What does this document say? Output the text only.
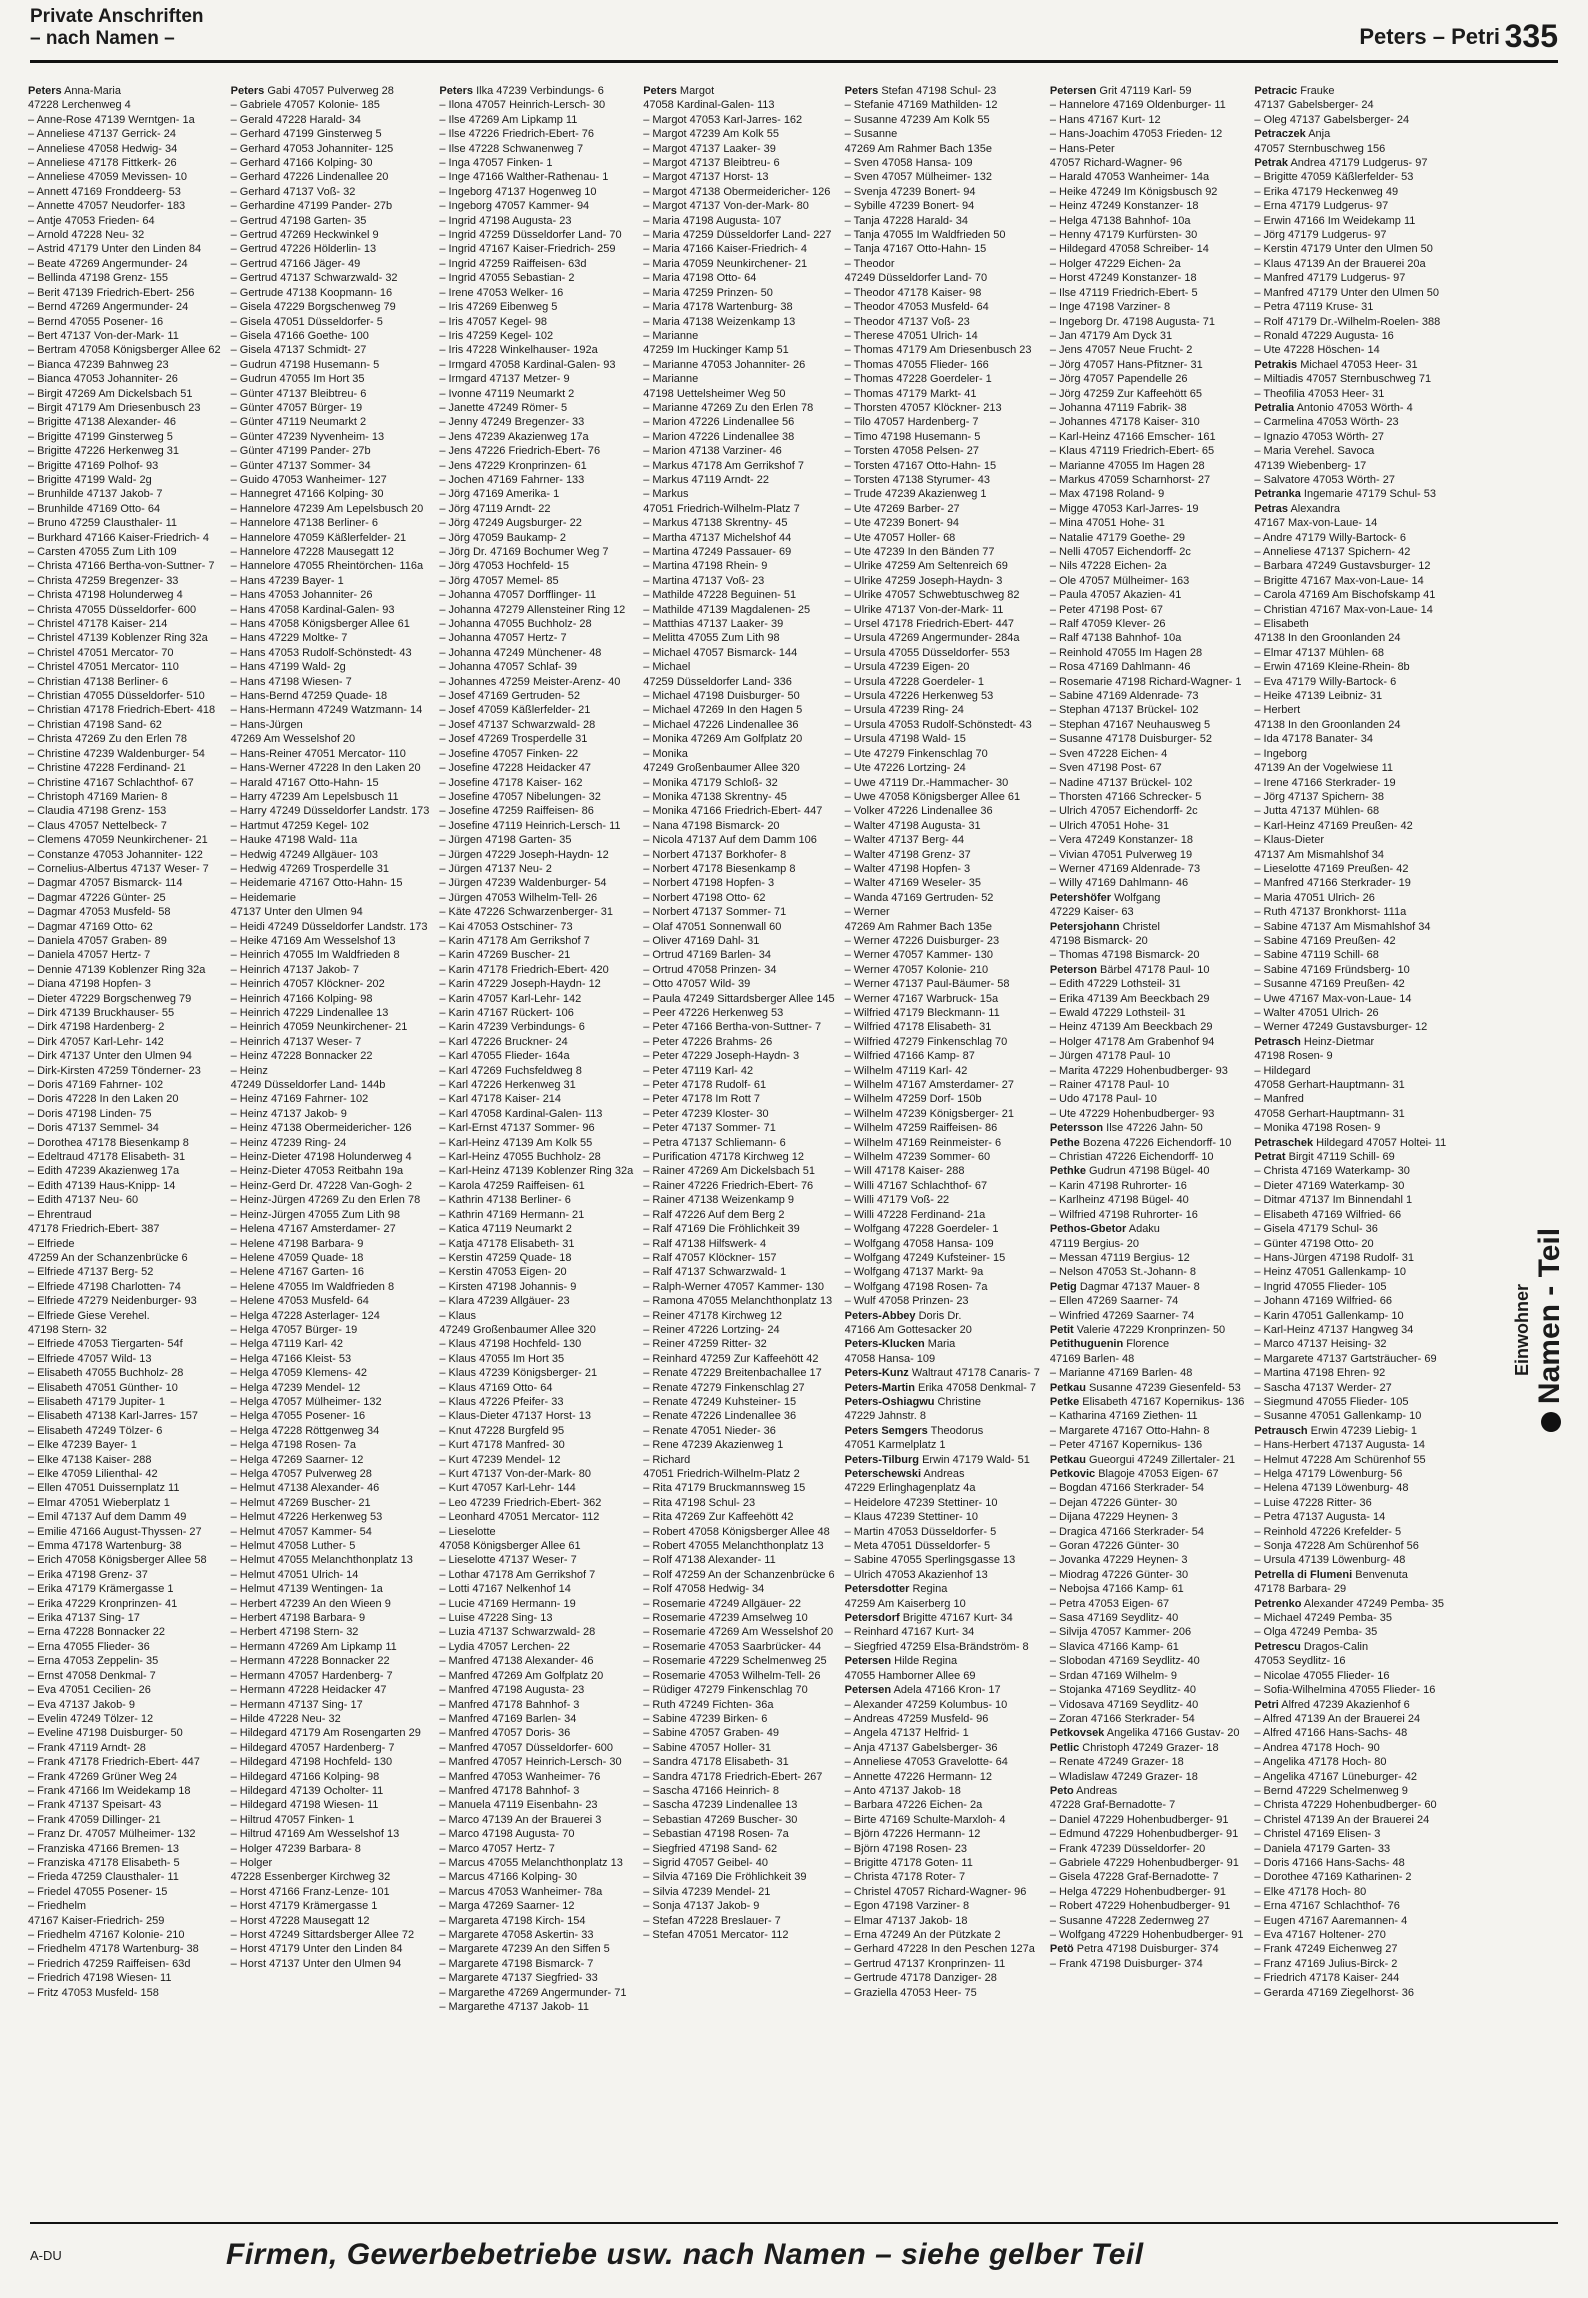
Private Anschriften
– nach Namen –	Peters – Petri 335
Peters Anna-Maria
47228 Lerchenweg 4
– Anne-Rose 47139 Werntgen- 1a
– Anneliese 47137 Gerrick- 24
– Anneliese 47058 Hedwig- 34
– Anneliese 47178 Fittkerk- 26
– Anneliese 47059 Mevissen- 10
– Annett 47169 Fronddeerg- 53
– Annette 47057 Neudorfer- 183
– Antje 47053 Frieden- 64
– Arnold 47228 Neu- 32
– Astrid 47179 Unter den Linden 84
– Beate 47269 Angermunder- 24
– Bellinda 47198 Grenz- 155
– Berit 47139 Friedrich-Ebert- 256
– Bernd 47269 Angermunder- 24
– Bernd 47055 Posener- 16
– Bert 47137 Von-der-Mark- 11
– Bertram 47058 Königsberger Allee 62
– Bianca 47239 Bahnweg 23
– Bianca 47053 Johanniter- 26
– Birgit 47269 Am Dickelsbach 51
– Birgit 47179 Am Driesenbusch 23
– Brigitte 47138 Alexander- 46
– Brigitte 47199 Ginsterweg 5
– Brigitte 47226 Herkenweg 31
– Brigitte 47169 Polhof- 93
– Brigitte 47199 Wald- 2g
– Brunhilde 47137 Jakob- 7
– Brunhilde 47169 Otto- 64
– Bruno 47259 Clausthaler- 11
– Burkhard 47166 Kaiser-Friedrich- 4
– Carsten 47055 Zum Lith 109
– Christa 47166 Bertha-von-Suttner- 7
– Christa 47259 Bregenzer- 33
– Christa 47198 Holunderweg 4
– Christa 47055 Düsseldorfer- 600
– Christel 47178 Kaiser- 214
– Christel 47139 Koblenzer Ring 32a
– Christel 47051 Mercator- 70
– Christel 47051 Mercator- 110
– Christian 47138 Berliner- 6
– Christian 47055 Düsseldorfer- 510
– Christian 47178 Friedrich-Ebert- 418
– Christian 47198 Sand- 62
– Christa 47269 Zu den Erlen 78
– Christine 47239 Waldenburger- 54
– Christine 47228 Ferdinand- 21
– Christine 47167 Schlachthof- 67
– Christoph 47169 Marien- 8
– Claudia 47198 Grenz- 153
– Claus 47057 Nettelbeck- 7
– Clemens 47059 Neunkirchener- 21
– Constanze 47053 Johanniter- 122
– Cornelius-Albertus 47137 Weser- 7
– Dagmar 47057 Bismarck- 114
– Dagmar 47226 Günter- 25
– Dagmar 47053 Musfeld- 58
– Dagmar 47169 Otto- 62
– Daniela 47057 Graben- 89
– Daniela 47057 Hertz- 7
– Dennie 47139 Koblenzer Ring 32a
– Diana 47198 Hopfen- 3
– Dieter 47229 Borgschenweg 79
– Dirk 47139 Bruckhauser- 55
– Dirk 47198 Hardenberg- 2
– Dirk 47057 Karl-Lehr- 142
– Dirk 47137 Unter den Ulmen 94
– Dirk-Kirsten 47259 Tönderner- 23
– Doris 47169 Fahrner- 102
– Doris 47228 In den Laken 20
– Doris 47198 Linden- 75
– Doris 47137 Semmel- 34
– Dorothea 47178 Biesenkamp 8
– Edeltraud 47178 Elisabeth- 31
– Edith 47239 Akazienweg 17a
– Edith 47139 Haus-Knipp- 14
– Edith 47137 Neu- 60
– Ehrentraud
47178 Friedrich-Ebert- 387
– Elfriede
47259 An der Schanzenbrücke 6
– Elfriede 47137 Berg- 52
– Elfriede 47198 Charlotten- 74
– Elfriede 47279 Neidenburger- 93
– Elfriede Giese Verehel.
47198 Stern- 32
– Elfriede 47053 Tiergarten- 54f
– Elfriede 47057 Wild- 13
– Elisabeth 47055 Buchholz- 28
– Elisabeth 47051 Günther- 10
– Elisabeth 47179 Jupiter- 1
– Elisabeth 47138 Karl-Jarres- 157
– Elisabeth 47249 Tölzer- 6
– Elke 47239 Bayer- 1
– Elke 47138 Kaiser- 288
– Elke 47059 Lilienthal- 42
– Ellen 47051 Duissernplatz 11
– Elmar 47051 Wieberplatz 1
– Emil 47137 Auf dem Damm 49
– Emilie 47166 August-Thyssen- 27
– Emma 47178 Wartenburg- 38
– Erich 47058 Königsberger Allee 58
– Erika 47198 Grenz- 37
– Erika 47179 Krämergasse 1
– Erika 47229 Kronprinzen- 41
– Erika 47137 Sing- 17
– Erna 47228 Bonnacker 22
– Erna 47055 Flieder- 36
– Erna 47053 Zeppelin- 35
– Ernst 47058 Denkmal- 7
– Eva 47051 Cecilien- 26
– Eva 47137 Jakob- 9
– Evelin 47249 Tölzer- 12
– Eveline 47198 Duisburger- 50
– Frank 47119 Arndt- 28
– Frank 47178 Friedrich-Ebert- 447
– Frank 47269 Grüner Weg 24
– Frank 47166 Im Weidekamp 18
– Frank 47137 Speisart- 43
– Frank 47059 Dillinger- 21
– Franz Dr. 47057 Mülheimer- 132
– Franziska 47166 Bremen- 13
– Franziska 47178 Elisabeth- 5
– Frieda 47259 Clausthaler- 11
– Friedel 47055 Posener- 15
– Friedhelm
47167 Kaiser-Friedrich- 259
– Friedhelm 47167 Kolonie- 210
– Friedhelm 47178 Wartenburg- 38
– Friedrich 47259 Raiffeisen- 63d
– Friedrich 47198 Wiesen- 11
– Fritz 47053 Musfeld- 158
Peters Gabi 47057 Pulverweg 28
– Gabriele 47057 Kolonie- 185
– Gerald 47228 Harald- 34
– Gerhard 47199 Ginsterweg 5
– Gerhard 47053 Johanniter- 125
– Gerhard 47166 Kolping- 30
– Gerhard 47226 Lindenallee 20
– Gerhard 47137 Voß- 32
– Gerhardine 47199 Pander- 27b
– Gertrud 47198 Garten- 35
– Gertrud 47269 Heckwinkel 9
– Gertrud 47226 Hölderlin- 13
– Gertrud 47166 Jäger- 49
– Gertrud 47137 Schwarzwald- 32
– Gertrude 47138 Koopmann- 16
– Gisela 47229 Borgschenweg 79
– Gisela 47051 Düsseldorfer- 5
– Gisela 47166 Goethe- 100
– Gisela 47137 Schmidt- 27
– Gudrun 47198 Husemann- 5
– Gudrun 47055 Im Hort 35
– Günter 47137 Bleibtreu- 6
– Günter 47057 Bürger- 19
– Günter 47119 Neumarkt 2
– Günter 47239 Nyvenheim- 13
– Günter 47199 Pander- 27b
– Günter 47137 Sommer- 34
– Guido 47053 Wanheimer- 127
– Hannegret 47166 Kolping- 30
– Hannelore 47239 Am Lepelsbusch 20
– Hannelore 47138 Berliner- 6
– Hannelore 47059 Käßlerfelder- 21
– Hannelore 47228 Mausegatt 12
– Hannelore 47055 Rheintörchen- 116a
– Hans 47239 Bayer- 1
– Hans 47053 Johanniter- 26
– Hans 47058 Kardinal-Galen- 93
– Hans 47058 Königsberger Allee 61
– Hans 47229 Moltke- 7
– Hans 47053 Rudolf-Schönstedt- 43
– Hans 47199 Wald- 2g
– Hans 47198 Wiesen- 7
– Hans-Bernd 47259 Quade- 18
– Hans-Hermann 47249 Watzmann- 14
– Hans-Jürgen
47269 Am Wesselshof 20
– Hans-Reiner 47051 Mercator- 110
– Hans-Werner 47228 In den Laken 20
– Harald 47167 Otto-Hahn- 15
– Harry 47239 Am Lepelsbusch 11
– Harry 47249 Düsseldorfer Landstr. 173
– Hartmut 47259 Kegel- 102
– Hauke 47198 Wald- 11a
– Hedwig 47249 Allgäuer- 103
– Hedwig 47269 Trosperdelle 31
– Heidemarie 47167 Otto-Hahn- 15
– Heidemarie
47137 Unter den Ulmen 94
– Heidi 47249 Düsseldorfer Landstr. 173
– Heike 47169 Am Wesselshof 13
– Heinrich 47055 Im Waldfrieden 8
– Heinrich 47137 Jakob- 7
– Heinrich 47057 Klöckner- 202
– Heinrich 47166 Kolping- 98
– Heinrich 47229 Lindenallee 13
– Heinrich 47059 Neunkirchener- 21
– Heinrich 47137 Weser- 7
– Heinz 47228 Bonnacker 22
– Heinz
47249 Düsseldorfer Land- 144b
– Heinz 47169 Fahrner- 102
– Heinz 47137 Jakob- 9
– Heinz 47138 Obermeidericher- 126
– Heinz 47239 Ring- 24
– Heinz-Dieter 47198 Holunderweg 4
– Heinz-Dieter 47053 Reitbahn 19a
– Heinz-Gerd Dr. 47228 Van-Gogh- 2
– Heinz-Jürgen 47269 Zu den Erlen 78
– Heinz-Jürgen 47055 Zum Lith 98
– Helena 47167 Amsterdamer- 27
– Helene 47198 Barbara- 9
– Helene 47059 Quade- 18
– Helene 47167 Garten- 16
– Helene 47055 Im Waldfrieden 8
– Helene 47053 Musfeld- 64
– Helga 47228 Asterlager- 124
– Helga 47057 Bürger- 19
– Helga 47119 Karl- 42
– Helga 47166 Kleist- 53
– Helga 47059 Klemens- 42
– Helga 47239 Mendel- 12
– Helga 47057 Mülheimer- 132
– Helga 47055 Posener- 16
– Helga 47228 Röttgenweg 34
– Helga 47198 Rosen- 7a
– Helga 47269 Saarner- 12
– Helga 47057 Pulverweg 28
– Helmut 47138 Alexander- 46
– Helmut 47269 Buscher- 21
– Helmut 47226 Herkenweg 53
– Helmut 47057 Kammer- 54
– Helmut 47058 Luther- 5
– Helmut 47055 Melanchthonplatz 13
– Helmut 47051 Ulrich- 14
– Helmut 47139 Wentingen- 1a
– Herbert 47239 An den Wieen 9
– Herbert 47198 Barbara- 9
– Herbert 47198 Stern- 32
– Hermann 47269 Am Lipkamp 11
– Hermann 47228 Bonnacker 22
– Hermann 47057 Hardenberg- 7
– Hermann 47228 Heidacker 47
– Hermann 47137 Sing- 17
– Hilde 47228 Neu- 32
– Hildegard 47179 Am Rosengarten 29
– Hildegard 47057 Hardenberg- 7
– Hildegard 47198 Hochfeld- 130
– Hildegard 47166 Kolping- 98
– Hildegard 47139 Ocholter- 11
– Hildegard 47198 Wiesen- 11
– Hiltrud 47057 Finken- 1
– Hiltrud 47169 Am Wesselshof 13
– Holger 47239 Barbara- 8
– Holger
47228 Essenberger Kirchweg 32
– Horst 47166 Franz-Lenze- 101
– Horst 47179 Krämergasse 1
– Horst 47228 Mausegatt 12
– Horst 47249 Sittardsberger Allee 72
– Horst 47179 Unter den Linden 84
– Horst 47137 Unter den Ulmen 94
Peters Ilka 47239 Verbindungs- 6
– Ilona 47057 Heinrich-Lersch- 30
– Ilse 47269 Am Lipkamp 11
– Ilse 47226 Friedrich-Ebert- 76
– Ilse 47228 Schwanenweg 7
– Inga 47057 Finken- 1
– Inge 47166 Walther-Rathenau- 1
– Ingeborg 47137 Hogenweg 10
– Ingeborg 47057 Kammer- 94
– Ingrid 47198 Augusta- 23
– Ingrid 47259 Düsseldorfer Land- 70
– Ingrid 47167 Kaiser-Friedrich- 259
– Ingrid 47259 Raiffeisen- 63d
– Ingrid 47055 Sebastian- 2
– Irene 47053 Welker- 16
– Iris 47269 Eibenweg 5
– Iris 47057 Kegel- 98
– Iris 47259 Kegel- 102
– Iris 47228 Winkelhauser- 192a
– Irmgard 47058 Kardinal-Galen- 93
– Irmgard 47137 Metzer- 9
– Ivonne 47119 Neumarkt 2
– Janette 47249 Römer- 5
– Jenny 47249 Bregenzer- 33
– Jens 47239 Akazienweg 17a
– Jens 47226 Friedrich-Ebert- 76
– Jens 47229 Kronprinzen- 61
– Jochen 47169 Fahrner- 133
– Jörg 47169 Amerika- 1
– Jörg 47119 Arndt- 22
– Jörg 47249 Augsburger- 22
– Jörg 47059 Baukamp- 2
– Jörg Dr. 47169 Bochumer Weg 7
– Jörg 47053 Hochfeld- 15
– Jörg 47057 Memel- 85
– Johanna 47057 Dorfflinger- 11
– Johanna 47279 Allensteiner Ring 12
– Johanna 47055 Buchholz- 28
– Johanna 47057 Hertz- 7
– Johanna 47249 Münchener- 48
– Johanna 47057 Schlaf- 39
– Johannes 47259 Meister-Arenz- 40
– Josef 47169 Gertruden- 52
– Josef 47059 Käßlerfelder- 21
– Josef 47137 Schwarzwald- 28
– Josef 47269 Trosperdelle 31
– Josefine 47057 Finken- 22
– Josefine 47228 Heidacker 47
– Josefine 47178 Kaiser- 162
– Josefine 47057 Nibelungen- 32
– Josefine 47259 Raiffeisen- 86
– Josefine 47119 Heinrich-Lersch- 11
– Jürgen 47198 Garten- 35
– Jürgen 47229 Joseph-Haydn- 12
– Jürgen 47137 Neu- 2
– Jürgen 47239 Waldenburger- 54
– Jürgen 47053 Wilhelm-Tell- 26
– Käte 47226 Schwarzenberger- 31
– Kai 47053 Ostschiner- 73
– Karin 47178 Am Gerrikshof 7
– Karin 47269 Buscher- 21
– Karin 47178 Friedrich-Ebert- 420
– Karin 47229 Joseph-Haydn- 12
– Karin 47057 Karl-Lehr- 142
– Karin 47167 Rückert- 106
– Karin 47239 Verbindungs- 6
– Karl 47226 Bruckner- 24
– Karl 47055 Flieder- 164a
– Karl 47269 Fuchsfeldweg 8
– Karl 47226 Herkenweg 31
– Karl 47178 Kaiser- 214
– Karl 47058 Kardinal-Galen- 113
– Karl-Ernst 47137 Sommer- 96
– Karl-Heinz 47139 Am Kolk 55
– Karl-Heinz 47055 Buchholz- 28
– Karl-Heinz 47139 Koblenzer Ring 32a
– Karola 47259 Raiffeisen- 61
– Kathrin 47138 Berliner- 6
– Kathrin 47169 Hermann- 21
– Katica 47119 Neumarkt 2
– Katja 47178 Elisabeth- 31
– Kerstin 47259 Quade- 18
– Kerstin 47053 Eigen- 20
– Kirsten 47198 Johannis- 9
– Klara 47239 Allgäuer- 23
– Klaus
47249 Großenbaumer Allee 320
– Klaus 47198 Hochfeld- 130
– Klaus 47055 Im Hort 35
– Klaus 47239 Königsberger- 21
– Klaus 47169 Otto- 64
– Klaus 47226 Pfeifer- 33
– Klaus-Dieter 47137 Horst- 13
– Knut 47228 Burgfeld 95
– Kurt 47178 Manfred- 30
– Kurt 47239 Mendel- 12
– Kurt 47137 Von-der-Mark- 80
– Kurt 47057 Karl-Lehr- 144
– Leo 47239 Friedrich-Ebert- 362
– Leonhard 47051 Mercator- 112
– Lieselotte
47058 Königsberger Allee 61
– Lieselotte 47137 Weser- 7
– Lothar 47178 Am Gerrikshof 7
– Lotti 47167 Nelkenhof 14
– Lucie 47169 Hermann- 19
– Luise 47228 Sing- 13
– Luzia 47137 Schwarzwald- 28
– Lydia 47057 Lerchen- 22
– Manfred 47138 Alexander- 46
– Manfred 47269 Am Golfplatz 20
– Manfred 47198 Augusta- 23
– Manfred 47178 Bahnhof- 3
– Manfred 47169 Barlen- 34
– Manfred 47057 Doris- 36
– Manfred 47057 Düsseldorfer- 600
– Manfred 47057 Heinrich-Lersch- 30
– Manfred 47053 Wanheimer- 76
– Manfred 47178 Bahnhof- 3
– Manuela 47119 Eisenbahn- 23
– Marco 47139 An der Brauerei 3
– Marco 47198 Augusta- 70
– Marco 47057 Hertz- 7
– Marcus 47055 Melanchthonplatz 13
– Marcus 47166 Kolping- 30
– Marcus 47053 Wanheimer- 78a
– Marga 47269 Saarner- 12
– Margareta 47198 Kirch- 154
– Margarete 47058 Askertin- 33
– Margarete 47239 An den Siffen 5
– Margarete 47198 Bismarck- 7
– Margarete 47137 Siegfried- 33
– Margarethe 47269 Angermunder- 71
– Margarethe 47137 Jakob- 11
Peters Margot
47058 Kardinal-Galen- 113
– Margot 47053 Karl-Jarres- 162
– Margot 47239 Am Kolk 55
– Margot 47137 Laaker- 39
– Margot 47137 Bleibtreu- 6
– Margot 47137 Horst- 13
– Margot 47138 Obermeidericher- 126
– Margot 47137 Von-der-Mark- 80
– Maria 47198 Augusta- 107
– Maria 47259 Düsseldorfer Land- 227
– Maria 47166 Kaiser-Friedrich- 4
– Maria 47059 Neunkirchener- 21
– Maria 47198 Otto- 64
– Maria 47259 Prinzen- 50
– Maria 47178 Wartenburg- 38
– Maria 47138 Weizenkamp 13
– Marianne
47259 Im Huckinger Kamp 51
– Marianne 47053 Johanniter- 26
– Marianne
47198 Uettelsheimer Weg 50
– Marianne 47269 Zu den Erlen 78
– Marion 47226 Lindenallee 56
– Marion 47226 Lindenallee 38
– Marion 47138 Varziner- 46
– Markus 47178 Am Gerrikshof 7
– Markus 47119 Arndt- 22
– Markus
47051 Friedrich-Wilhelm-Platz 7
– Markus 47138 Skrentny- 45
– Martha 47137 Michelshof 44
– Martina 47249 Passauer- 69
– Martina 47198 Rhein- 9
– Martina 47137 Voß- 23
– Mathilde 47228 Beguinen- 51
– Mathilde 47139 Magdalenen- 25
– Matthias 47137 Laaker- 39
– Melitta 47055 Zum Lith 98
– Michael 47057 Bismarck- 144
– Michael
47259 Düsseldorfer Land- 336
– Michael 47198 Duisburger- 50
– Michael 47269 In den Hagen 5
– Michael 47226 Lindenallee 36
– Monika 47269 Am Golfplatz 20
– Monika
47249 Großenbaumer Allee 320
– Monika 47179 Schloß- 32
– Monika 47138 Skrentny- 45
– Monika 47166 Friedrich-Ebert- 447
– Nana 47198 Bismarck- 20
– Nicola 47137 Auf dem Damm 106
– Norbert 47137 Borkhofer- 8
– Norbert 47178 Biesenkamp 8
– Norbert 47198 Hopfen- 3
– Norbert 47198 Otto- 62
– Norbert 47137 Sommer- 71
– Olaf 47051 Sonnenwall 60
– Oliver 47169 Dahl- 31
– Ortrud 47169 Barlen- 34
– Ortrud 47058 Prinzen- 34
– Otto 47057 Wild- 39
– Paula 47249 Sittardsberger Allee 145
– Peer 47226 Herkenweg 53
– Peter 47166 Bertha-von-Suttner- 7
– Peter 47226 Brahms- 26
– Peter 47229 Joseph-Haydn- 3
– Peter 47119 Karl- 42
– Peter 47178 Rudolf- 61
– Peter 47178 Im Rott 7
– Peter 47239 Kloster- 30
– Peter 47137 Sommer- 71
– Petra 47137 Schliemann- 6
– Purification 47178 Kirchweg 12
– Rainer 47269 Am Dickelsbach 51
– Rainer 47226 Friedrich-Ebert- 76
– Rainer 47138 Weizenkamp 9
– Ralf 47226 Auf dem Berg 2
– Ralf 47169 Die Fröhlichkeit 39
– Ralf 47138 Hilfswerk- 4
– Ralf 47057 Klöckner- 157
– Ralf 47137 Schwarzwald- 1
– Ralph-Werner 47057 Kammer- 130
– Ramona 47055 Melanchthonplatz 13
– Reiner 47178 Kirchweg 12
– Reiner 47226 Lortzing- 24
– Reiner 47259 Ritter- 32
– Reinhard 47259 Zur Kaffeehött 42
– Renate 47229 Breitenbachallee 17
– Renate 47279 Finkenschlag 27
– Renate 47249 Kuhsteiner- 15
– Renate 47226 Lindenallee 36
– Renate 47051 Nieder- 36
– Rene 47239 Akazienweg 1
– Richard
47051 Friedrich-Wilhelm-Platz 2
– Rita 47179 Bruckmannsweg 15
– Rita 47198 Schul- 23
– Rita 47269 Zur Kaffeehött 42
– Robert 47058 Königsberger Allee 48
– Robert 47055 Melanchthonplatz 13
– Rolf 47138 Alexander- 11
– Rolf 47259 An der Schanzenbrücke 6
– Rolf 47058 Hedwig- 34
– Rosemarie 47249 Allgäuer- 22
– Rosemarie 47239 Amselweg 10
– Rosemarie 47269 Am Wesselshof 20
– Rosemarie 47053 Saarbrücker- 44
– Rosemarie 47229 Schelmenweg 25
– Rosemarie 47053 Wilhelm-Tell- 26
– Rüdiger 47279 Finkenschlag 70
– Ruth 47249 Fichten- 36a
– Sabine 47239 Birken- 6
– Sabine 47057 Graben- 49
– Sabine 47057 Holler- 31
– Sandra 47178 Elisabeth- 31
– Sandra 47178 Friedrich-Ebert- 267
– Sascha 47166 Heinrich- 8
– Sascha 47239 Lindenallee 13
– Sebastian 47269 Buscher- 30
– Sebastian 47198 Rosen- 7a
– Siegfried 47198 Sand- 62
– Sigrid 47057 Geibel- 40
– Silvia 47169 Die Fröhlichkeit 39
– Silvia 47239 Mendel- 21
– Sonja 47137 Jakob- 9
– Stefan 47228 Breslauer- 7
– Stefan 47051 Mercator- 112
Peters Stefan 47198 Schul- 23
– Stefanie 47169 Mathilden- 12
– Susanne 47239 Am Kolk 55
– Susanne
47269 Am Rahmer Bach 135e
– Sven 47058 Hansa- 109
– Sven 47057 Mülheimer- 132
– Svenja 47239 Bonert- 94
– Sybille 47239 Bonert- 94
– Tanja 47228 Harald- 34
– Tanja 47055 Im Waldfrieden 50
– Tanja 47167 Otto-Hahn- 15
– Theodor
47249 Düsseldorfer Land- 70
– Theodor 47178 Kaiser- 98
– Theodor 47053 Musfeld- 64
– Theodor 47137 Voß- 23
– Therese 47051 Ulrich- 14
– Thomas 47179 Am Driesenbusch 23
– Thomas 47055 Flieder- 166
– Thomas 47228 Goerdeler- 1
– Thomas 47179 Markt- 41
– Thorsten 47057 Klöckner- 213
– Tilo 47057 Hardenberg- 7
– Timo 47198 Husemann- 5
– Torsten 47058 Pelsen- 27
– Torsten 47167 Otto-Hahn- 15
– Torsten 47138 Styrumer- 43
– Trude 47239 Akazienweg 1
– Ute 47269 Barber- 27
– Ute 47239 Bonert- 94
– Ute 47057 Holler- 68
– Ute 47239 In den Bänden 77
– Ulrike 47259 Am Seltenreich 69
– Ulrike 47259 Joseph-Haydn- 3
– Ulrike 47057 Schwebtuschweg 82
– Ulrike 47137 Von-der-Mark- 11
– Ursel 47178 Friedrich-Ebert- 447
– Ursula 47269 Angermunder- 284a
– Ursula 47055 Düsseldorfer- 553
– Ursula 47239 Eigen- 20
– Ursula 47228 Goerdeler- 1
– Ursula 47226 Herkenweg 53
– Ursula 47239 Ring- 24
– Ursula 47053 Rudolf-Schönstedt- 43
– Ursula 47198 Wald- 15
– Ute 47279 Finkenschlag 70
– Ute 47226 Lortzing- 24
– Uwe 47119 Dr.-Hammacher- 30
– Uwe 47058 Königsberger Allee 61
– Volker 47226 Lindenallee 36
– Walter 47198 Augusta- 31
– Walter 47137 Berg- 44
– Walter 47198 Grenz- 37
– Walter 47198 Hopfen- 3
– Walter 47169 Weseler- 35
– Wanda 47169 Gertruden- 52
– Werner
47269 Am Rahmer Bach 135e
– Werner 47226 Duisburger- 23
– Werner 47057 Kammer- 130
– Werner 47057 Kolonie- 210
– Werner 47137 Paul-Bäumer- 58
– Werner 47167 Warbruck- 15a
– Wilfried 47179 Bleckmann- 11
– Wilfried 47178 Elisabeth- 31
– Wilfried 47279 Finkenschlag 70
– Wilfried 47166 Kamp- 87
– Wilhelm 47119 Karl- 42
– Wilhelm 47167 Amsterdamer- 27
– Wilhelm 47259 Dorf- 150b
– Wilhelm 47239 Königsberger- 21
– Wilhelm 47259 Raiffeisen- 86
– Wilhelm 47169 Reinmeister- 6
– Wilhelm 47239 Sommer- 60
– Will 47178 Kaiser- 288
– Willi 47167 Schlachthof- 67
– Willi 47179 Voß- 22
– Willi 47228 Ferdinand- 21a
– Wolfgang 47228 Goerdeler- 1
– Wolfgang 47058 Hansa- 109
– Wolfgang 47249 Kufsteiner- 15
– Wolfgang 47137 Markt- 9a
– Wolfgang 47198 Rosen- 7a
– Wulf 47058 Prinzen- 23
Peters-Abbey Doris Dr.
47166 Am Gottesacker 20
Peters-Klucken Maria
47058 Hansa- 109
Peters-Kunz Waltraut 47178 Canaris- 7
Peters-Martin Erika 47058 Denkmal- 7
Peters-Oshiagwu Christine
47229 Jahnstr. 8
Peters Semgers Theodorus
47051 Karmelplatz 1
Peters-Tilburg Erwin 47179 Wald- 51
Peterschewski Andreas
47229 Erlinghagenplatz 4a
– Heidelore 47239 Stettiner- 10
– Klaus 47239 Stettiner- 10
– Martin 47053 Düsseldorfer- 5
– Meta 47051 Düsseldorfer- 5
– Sabine 47055 Sperlingsgasse 13
– Ulrich 47053 Akazienhof 13
Petersdotter Regina
47259 Am Kaiserberg 10
Petersdorf Brigitte 47167 Kurt- 34
– Reinhard 47167 Kurt- 34
– Siegfried 47259 Elsa-Brändström- 8
Petersen Hilde Regina
47055 Hamborner Allee 69
Petersen Adela 47166 Kron- 17
– Alexander 47259 Kolumbus- 10
– Andreas 47259 Musfeld- 96
– Angela 47137 Helfrid- 1
– Anja 47137 Gabelsberger- 36
– Anneliese 47053 Gravelotte- 64
– Annette 47226 Hermann- 12
– Anto 47137 Jakob- 18
– Barbara 47226 Eichen- 2a
– Birte 47169 Schulte-Marxloh- 4
– Björn 47226 Hermann- 12
– Björn 47198 Rosen- 23
– Brigitte 47178 Goten- 11
– Christa 47178 Roter- 7
– Christel 47057 Richard-Wagner- 96
– Egon 47198 Varziner- 8
– Elmar 47137 Jakob- 18
– Erna 47249 An der Pützkate 2
– Gerhard 47228 In den Peschen 127a
– Gertrud 47137 Kronprinzen- 11
– Gertrude 47178 Danziger- 28
– Graziella 47053 Heer- 75
Petersen Grit 47119 Karl- 59
– Hannelore 47169 Oldenburger- 11
– Hans 47167 Kurt- 12
– Hans-Joachim 47053 Frieden- 12
– Hans-Peter
47057 Richard-Wagner- 96
– Harald 47053 Wanheimer- 14a
– Heike 47249 Im Königsbusch 92
– Heinz 47249 Konstanzer- 18
– Helga 47138 Bahnhof- 10a
– Henny 47179 Kurfürsten- 30
– Hildegard 47058 Schreiber- 14
– Holger 47229 Eichen- 2a
– Horst 47249 Konstanzer- 18
– Ilse 47119 Friedrich-Ebert- 5
– Inge 47198 Varziner- 8
– Ingeborg Dr. 47198 Augusta- 71
– Jan 47179 Am Dyck 31
– Jens 47057 Neue Frucht- 2
– Jörg 47057 Hans-Pfitzner- 31
– Jörg 47057 Papendelle 26
– Jörg 47259 Zur Kaffeehött 65
– Johanna 47119 Fabrik- 38
– Johannes 47178 Kaiser- 310
– Karl-Heinz 47166 Emscher- 161
– Klaus 47119 Friedrich-Ebert- 65
– Marianne 47055 Im Hagen 28
– Markus 47059 Scharnhorst- 27
– Max 47198 Roland- 9
– Migge 47053 Karl-Jarres- 19
– Mina 47051 Hohe- 31
– Natalie 47179 Goethe- 29
– Nelli 47057 Eichendorff- 2c
– Nils 47228 Eichen- 2a
– Ole 47057 Mülheimer- 163
– Paula 47057 Akazien- 41
– Peter 47198 Post- 67
– Ralf 47059 Klever- 26
– Ralf 47138 Bahnhof- 10a
– Reinhold 47055 Im Hagen 28
– Rosa 47169 Dahlmann- 46
– Rosemarie 47198 Richard-Wagner- 1
– Sabine 47169 Aldenrade- 73
– Stephan 47137 Brückel- 102
– Stephan 47167 Neuhausweg 5
– Susanne 47178 Duisburger- 52
– Sven 47228 Eichen- 4
– Sven 47198 Post- 67
– Nadine 47137 Brückel- 102
– Thorsten 47166 Schrecker- 5
– Ulrich 47057 Eichendorff- 2c
– Ulrich 47051 Hohe- 31
– Vera 47249 Konstanzer- 18
– Vivian 47051 Pulverweg 19
– Werner 47169 Aldenrade- 73
– Willy 47169 Dahlmann- 46
Petershöfer Wolfgang
47229 Kaiser- 63
Petersjohann Christel
47198 Bismarck- 20
– Thomas 47198 Bismarck- 20
Peterson Bärbel 47178 Paul- 10
– Edith 47229 Lothsteil- 31
– Erika 47139 Am Beeckbach 29
– Ewald 47229 Lothsteil- 31
– Heinz 47139 Am Beeckbach 29
– Holger 47178 Am Grabenhof 94
– Jürgen 47178 Paul- 10
– Marita 47229 Hohenbudberger- 93
– Rainer 47178 Paul- 10
– Udo 47178 Paul- 10
– Ute 47229 Hohenbudberger- 93
Petersson Ilse 47226 Jahn- 50
Pethe Bozena 47226 Eichendorff- 10
– Christian 47226 Eichendorff- 10
Pethke Gudrun 47198 Bügel- 40
– Karin 47198 Ruhrorter- 16
– Karlheinz 47198 Bügel- 40
– Wilfried 47198 Ruhrorter- 16
Pethos-Gbetor Adaku
47119 Bergius- 20
– Messan 47119 Bergius- 12
– Nelson 47053 St.-Johann- 8
Petig Dagmar 47137 Mauer- 8
– Ellen 47269 Saarner- 74
– Winfried 47269 Saarner- 74
Petit Valerie 47229 Kronprinzen- 50
Petithuguenin Florence
47169 Barlen- 48
– Marianne 47169 Barlen- 48
Petkau Susanne 47239 Giesenfeld- 53
Petke Elisabeth 47167 Kopernikus- 136
– Katharina 47169 Ziethen- 11
– Margarete 47167 Otto-Hahn- 8
– Peter 47167 Kopernikus- 136
Petkau Gueorgui 47249 Zillertaler- 21
Petkovic Blagoje 47053 Eigen- 67
– Bogdan 47166 Sterkrader- 54
– Dejan 47226 Günter- 30
– Dijana 47229 Heynen- 3
– Dragica 47166 Sterkrader- 54
– Goran 47226 Günter- 30
– Jovanka 47229 Heynen- 3
– Miodrag 47226 Günter- 30
– Nebojsa 47166 Kamp- 61
– Petra 47053 Eigen- 67
– Sasa 47169 Seydlitz- 40
– Silvija 47057 Kammer- 206
– Slavica 47166 Kamp- 61
– Slobodan 47169 Seydlitz- 40
– Srdan 47169 Wilhelm- 9
– Stojanka 47169 Seydlitz- 40
– Vidosava 47169 Seydlitz- 40
– Zoran 47166 Sterkrader- 54
Petkovsek Angelika 47166 Gustav- 20
Petlic Christoph 47249 Grazer- 18
– Renate 47249 Grazer- 18
– Wladislaw 47249 Grazer- 18
Peto Andreas
47228 Graf-Bernadotte- 7
– Daniel 47229 Hohenbudberger- 91
– Edmund 47229 Hohenbudberger- 91
– Frank 47239 Düsseldorfer- 20
– Gabriele 47229 Hohenbudberger- 91
– Gisela 47228 Graf-Bernadotte- 7
– Helga 47229 Hohenbudberger- 91
– Robert 47229 Hohenbudberger- 91
– Susanne 47228 Zedernweg 27
– Wolfgang 47229 Hohenbudberger- 91
Petö Petra 47198 Duisburger- 374
– Frank 47198 Duisburger- 374
Petracic Frauke
47137 Gabelsberger- 24
– Oleg 47137 Gabelsberger- 24
Petraczek Anja
47057 Sternbuschweg 156
Petrak Andrea 47179 Ludgerus- 97
– Brigitte 47059 Käßlerfelder- 53
– Erika 47179 Heckenweg 49
– Erna 47179 Ludgerus- 97
– Erwin 47166 Im Weidekamp 11
– Jörg 47179 Ludgerus- 97
– Kerstin 47179 Unter den Ulmen 50
– Klaus 47139 An der Brauerei 20a
– Manfred 47179 Ludgerus- 97
– Manfred 47179 Unter den Ulmen 50
– Petra 47119 Kruse- 31
– Rolf 47179 Dr.-Wilhelm-Roelen- 388
– Ronald 47229 Augusta- 16
– Ute 47228 Höschen- 14
Petrakis Michael 47053 Heer- 31
– Miltiadis 47057 Sternbuschweg 71
– Theofilia 47053 Heer- 31
Petralia Antonio 47053 Wörth- 4
– Carmelina 47053 Wörth- 23
– Ignazio 47053 Wörth- 27
– Maria Verehel. Savoca
47139 Wiebenberg- 17
– Salvatore 47053 Wörth- 27
Petranka Ingemarie 47179 Schul- 53
Petras Alexandra
47167 Max-von-Laue- 14
– Andre 47179 Willy-Bartock- 6
– Anneliese 47137 Spichern- 42
– Barbara 47249 Gustavsburger- 12
– Brigitte 47167 Max-von-Laue- 14
– Carola 47169 Am Bischofskamp 41
– Christian 47167 Max-von-Laue- 14
– Elisabeth
47138 In den Groonlanden 24
– Elmar 47137 Mühlen- 68
– Erwin 47169 Kleine-Rhein- 8b
– Eva 47179 Willy-Bartock- 6
– Heike 47139 Leibniz- 31
– Herbert
47138 In den Groonlanden 24
– Ida 47178 Banater- 34
– Ingeborg
47139 An der Vogelwiese 11
– Irene 47166 Sterkrader- 19
– Jörg 47137 Spichern- 38
– Jutta 47137 Mühlen- 68
– Karl-Heinz 47169 Preußen- 42
– Klaus-Dieter
47137 Am Mismahlshof 34
– Lieselotte 47169 Preußen- 42
– Manfred 47166 Sterkrader- 19
– Maria 47051 Ulrich- 26
– Ruth 47137 Bronkhorst- 111a
– Sabine 47137 Am Mismahlshof 34
– Sabine 47169 Preußen- 42
– Sabine 47119 Schill- 68
– Sabine 47169 Fründsberg- 10
– Susanne 47169 Preußen- 42
– Uwe 47167 Max-von-Laue- 14
– Walter 47051 Ulrich- 26
– Werner 47249 Gustavsburger- 12
Petrasch Heinz-Dietmar
47198 Rosen- 9
– Hildegard
47058 Gerhart-Hauptmann- 31
– Manfred
47058 Gerhart-Hauptmann- 31
– Monika 47198 Rosen- 9
Petraschek Hildegard 47057 Holtei- 11
Petrat Birgit 47119 Schill- 69
– Christa 47169 Waterkamp- 30
– Dieter 47169 Waterkamp- 30
– Ditmar 47137 Im Binnendahl 1
– Elisabeth 47169 Wilfried- 66
– Gisela 47179 Schul- 36
– Günter 47198 Otto- 20
– Hans-Jürgen 47198 Rudolf- 31
– Heinz 47051 Gallenkamp- 10
– Ingrid 47055 Flieder- 105
– Johann 47169 Wilfried- 66
– Karin 47051 Gallenkamp- 10
– Karl-Heinz 47137 Hangweg 34
– Marco 47137 Heising- 32
– Margarete 47137 Gartsträucher- 69
– Martina 47198 Ehren- 92
– Sascha 47137 Werder- 27
– Siegmund 47055 Flieder- 105
– Susanne 47051 Gallenkamp- 10
Petrausch Erwin 47239 Liebig- 1
– Hans-Herbert 47137 Augusta- 14
– Helmut 47228 Am Schürenhof 55
– Helga 47179 Löwenburg- 56
– Helena 47139 Löwenburg- 48
– Luise 47228 Ritter- 36
– Petra 47137 Augusta- 14
– Reinhold 47226 Krefelder- 5
– Sonja 47228 Am Schürenhof 56
– Ursula 47139 Löwenburg- 48
Petrella di Flumeni Benvenuta
47178 Barbara- 29
Petrenko Alexander 47249 Pemba- 35
– Michael 47249 Pemba- 35
– Olga 47249 Pemba- 35
Petrescu Dragos-Calin
47053 Seydlitz- 16
– Nicolae 47055 Flieder- 16
– Sofia-Wilhelmina 47055 Flieder- 16
Petri Alfred 47239 Akazienhof 6
– Alfred 47139 An der Brauerei 24
– Alfred 47166 Hans-Sachs- 48
– Andrea 47178 Hoch- 90
– Angelika 47178 Hoch- 80
– Angelika 47167 Lüneburger- 42
– Bernd 47229 Schelmenweg 9
– Christa 47229 Hohenbudberger- 60
– Christel 47139 An der Brauerei 24
– Christel 47169 Elisen- 3
– Daniela 47179 Garten- 33
– Doris 47166 Hans-Sachs- 48
– Dorothee 47169 Katharinen- 2
– Elke 47178 Hoch- 80
– Erna 47167 Schlachthof- 76
– Eugen 47167 Aaremannen- 4
– Eva 47167 Holtener- 270
– Frank 47249 Eichenweg 27
– Franz 47169 Julius-Birck- 2
– Friedrich 47178 Kaiser- 244
– Gerarda 47169 Ziegelhorst- 36
Einwohner Namen - Teil
A-DU	Firmen, Gewerbebetriebe usw. nach Namen – siehe gelber Teil
